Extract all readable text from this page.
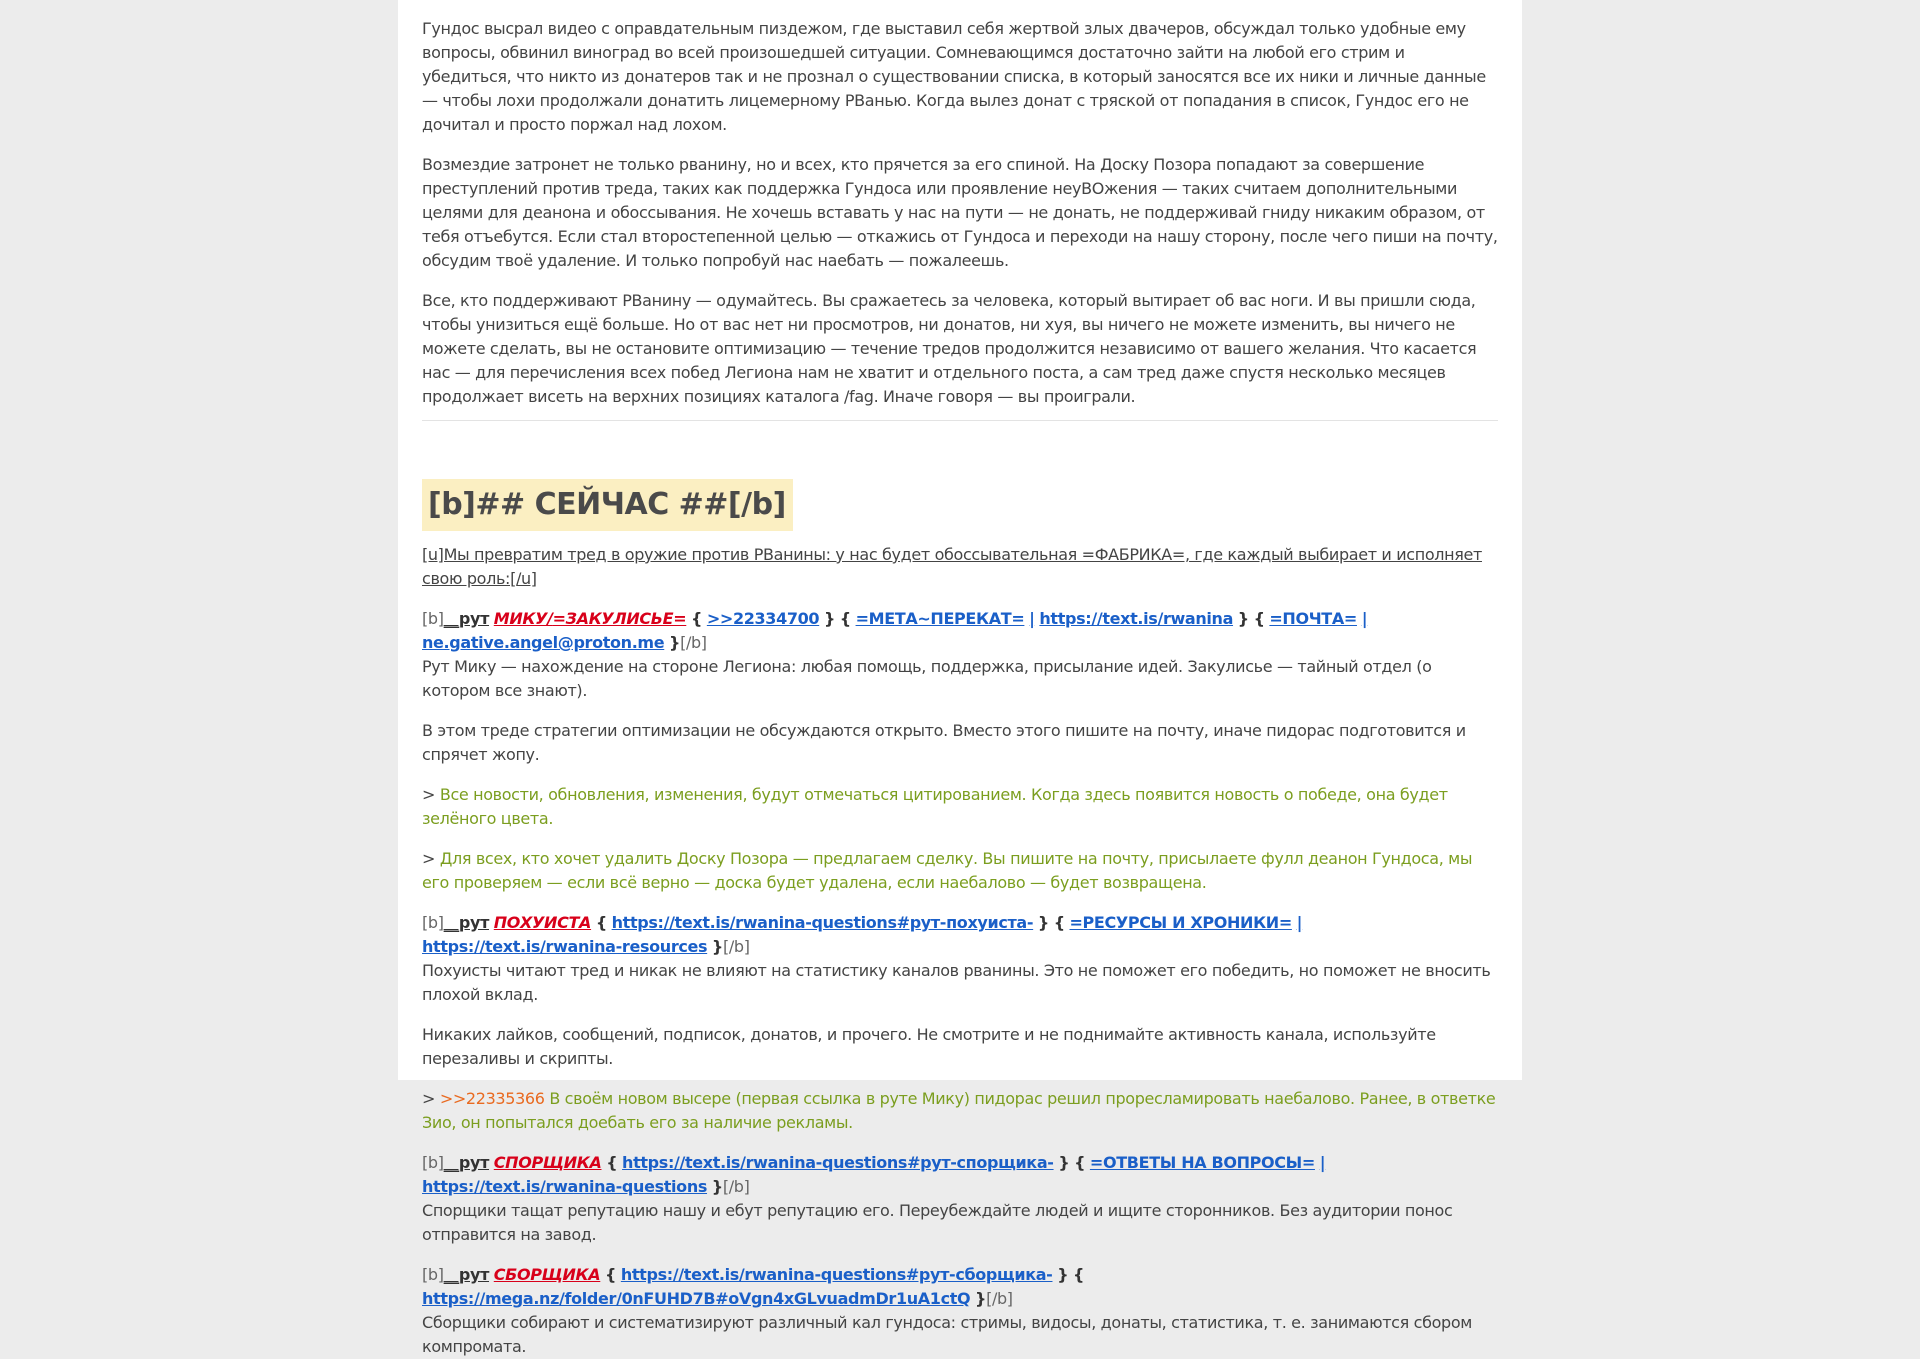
Гундос высрал видео с оправдательным пиздежом, где выставил себя жертвой злых двачеров, обсуждал только удобные ему вопросы, обвинил виноград во всей произошедшей ситуации. Сомневающимся достаточно зайти на любой его стрим и убедиться, что никто из донатеров так и не прознал о существовании списка, в который заносятся все их ники и личные данные — чтобы лохи продолжали донатить лицемерному РВанью. Когда вылез донат с тряской от попадания в список, Гундос его не дочитал и просто поржал над лохом.

Возмездие затронет не только рванину, но и всех, кто прячется за его спиной. На Доску Позора попадают за совершение преступлений против треда, таких как поддержка Гундоса или проявление неуВОжения — таких считаем дополнительными целями для деанона и обоссывания. Не хочешь вставать у нас на пути — не донать, не поддерживай гниду никаким образом, от тебя отъебутся. Если стал второстепенной целью — откажись от Гундоса и переходи на нашу сторону, после чего пиши на почту, обсудим твоё удаление. И только попробуй нас наебать — пожалеешь.

Все, кто поддерживают РВанину — одумайтесь. Вы сражаетесь за человека, который вытирает об вас ноги. И вы пришли сюда, чтобы унизиться ещё больше. Но от вас нет ни просмотров, ни донатов, ни хуя, вы ничего не можете изменить, вы ничего не можете сделать, вы не остановите оптимизацию — течение тредов продолжится независимо от вашего желания. Что касается нас — для перечисления всех побед Легиона нам не хватит и отдельного поста, а сам тред даже спустя несколько месяцев продолжает висеть на верхних позициях каталога /fag. Иначе говоря — вы проиграли.

[b]## СЕЙЧАС ##[/b]

[u]Мы превратим тред в оружие против РВанины: у нас будет обоссывательная =ФАБРИКА=, где каждый выбирает и исполняет свою роль:[/u]

[b]__рут МИКУ/=ЗАКУЛИСЬЕ= { >>22334700 } { =МЕТА~ПЕРЕКАТ= | https://text.is/rwanina } { =ПОЧТА= | ne.gative.angel@proton.me }[/b]

Рут Мику — нахождение на стороне Легиона: любая помощь, поддержка, присылание идей. Закулисье — тайный отдел (о котором все знают).

В этом треде стратегии оптимизации не обсуждаются открыто. Вместо этого пишите на почту, иначе пидорас подготовится и спрячет жопу.

> Все новости, обновления, изменения, будут отмечаться цитированием. Когда здесь появится новость о победе, она будет зелёного цвета.

> Для всех, кто хочет удалить Доску Позора — предлагаем сделку. Вы пишите на почту, присылаете фулл деанон Гундоса, мы его проверяем — если всё верно — доска будет удалена, если наебалово — будет возвращена.

[b]__рут ПОХУИСТА { https://text.is/rwanina-questions#рут-похуиста- } { =РЕСУРСЫ И ХРОНИКИ= | https://text.is/rwanina-resources }[/b]

Похуисты читают тред и никак не влияют на статистику каналов рванины. Это не поможет его победить, но поможет не вносить плохой вклад.

Никаких лайков, сообщений, подписок, донатов, и прочего. Не смотрите и не поднимайте активность канала, используйте перезаливы и скрипты.

> >>22335366 В своём новом высере (первая ссылка в руте Мику) пидорас решил прореcламировать наебалово. Ранее, в ответке Зио, он попытался доебать его за наличие рекламы.

[b]__рут СПОРЩИКА { https://text.is/rwanina-questions#рут-спорщика- } { =ОТВЕТЫ НА ВОПРОСЫ= | https://text.is/rwanina-questions }[/b]

Спорщики тащат репутацию нашу и ебут репутацию его. Переубеждайте людей и ищите сторонников. Без аудитории понос отправится на завод.

[b]__рут СБОРЩИКА { https://text.is/rwanina-questions#рут-сборщика- } { https://mega.nz/folder/0nFUHD7B#oVgn4xGLvuadmDr1uA1ctQ }[/b]

Сборщики собирают и систематизируют различный кал гундоса: стримы, видосы, донаты, статистика, т. е. занимаются сбором компромата.
